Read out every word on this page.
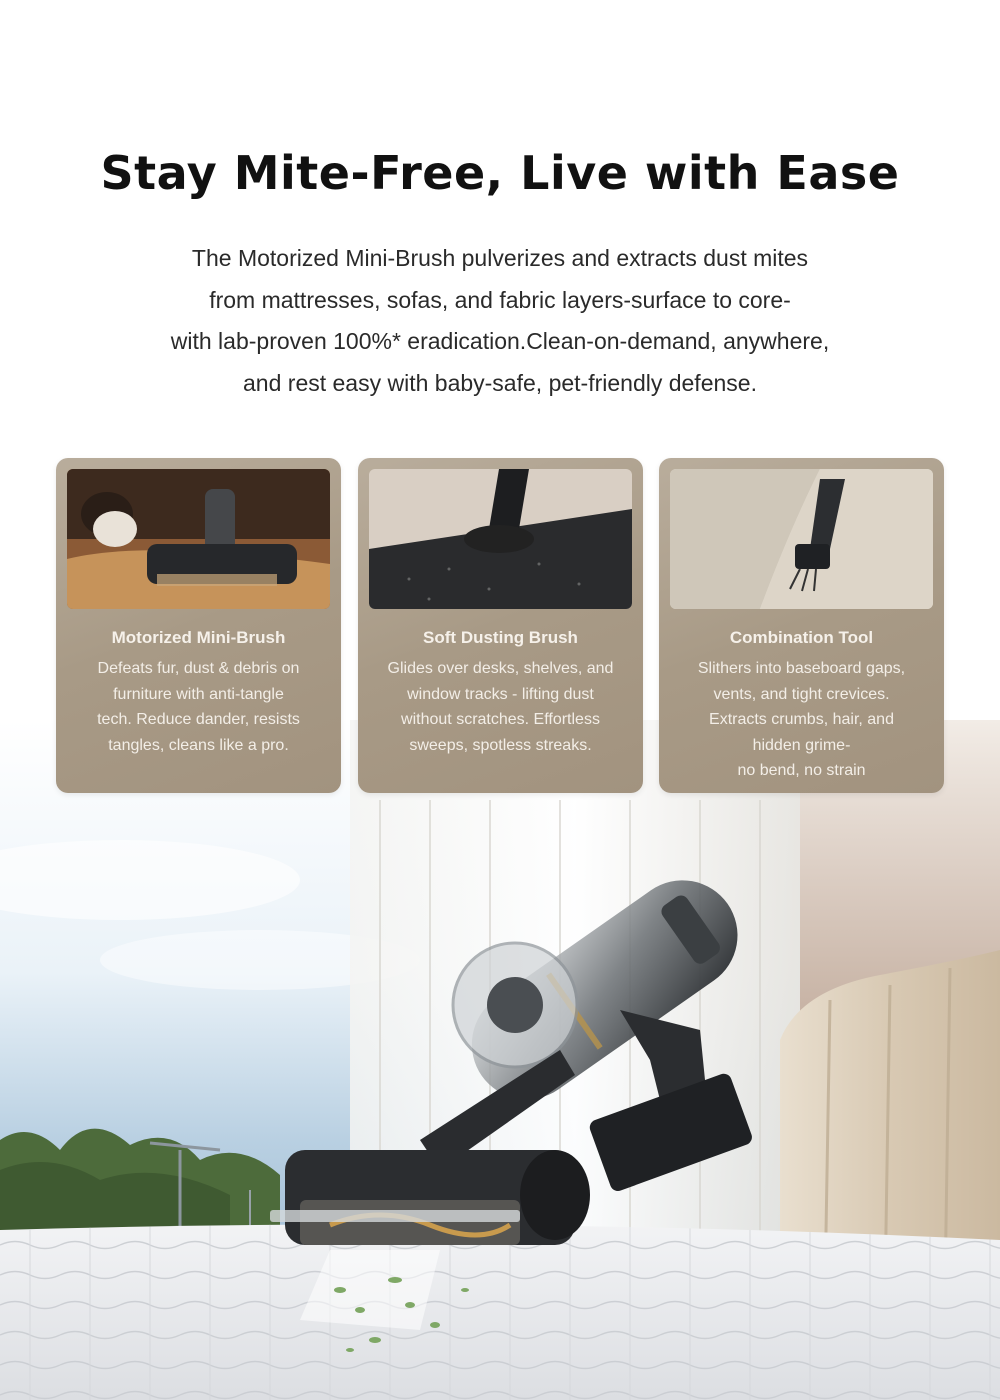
Stay Mite-Free, Live with Ease

The Motorized Mini-Brush pulverizes and extracts dust mites

from mattresses, sofas, and fabric layers-surface to core-

with lab-proven 100%* eradication.Clean-on-demand, anywhere,

and rest easy with baby-safe, pet-friendly defense.

Motorized Mini-Brush
Defeats fur, dust & debris on
furniture with anti-tangle
tech. Reduce dander, resists
tangles, cleans like a pro.
Soft Dusting Brush
Glides over desks, shelves, and
window tracks - lifting dust
without scratches. Effortless
sweeps, spotless streaks.
Combination Tool
Slithers into baseboard gaps,
vents, and tight crevices.
Extracts crumbs, hair, and
hidden grime-
no bend, no strain
